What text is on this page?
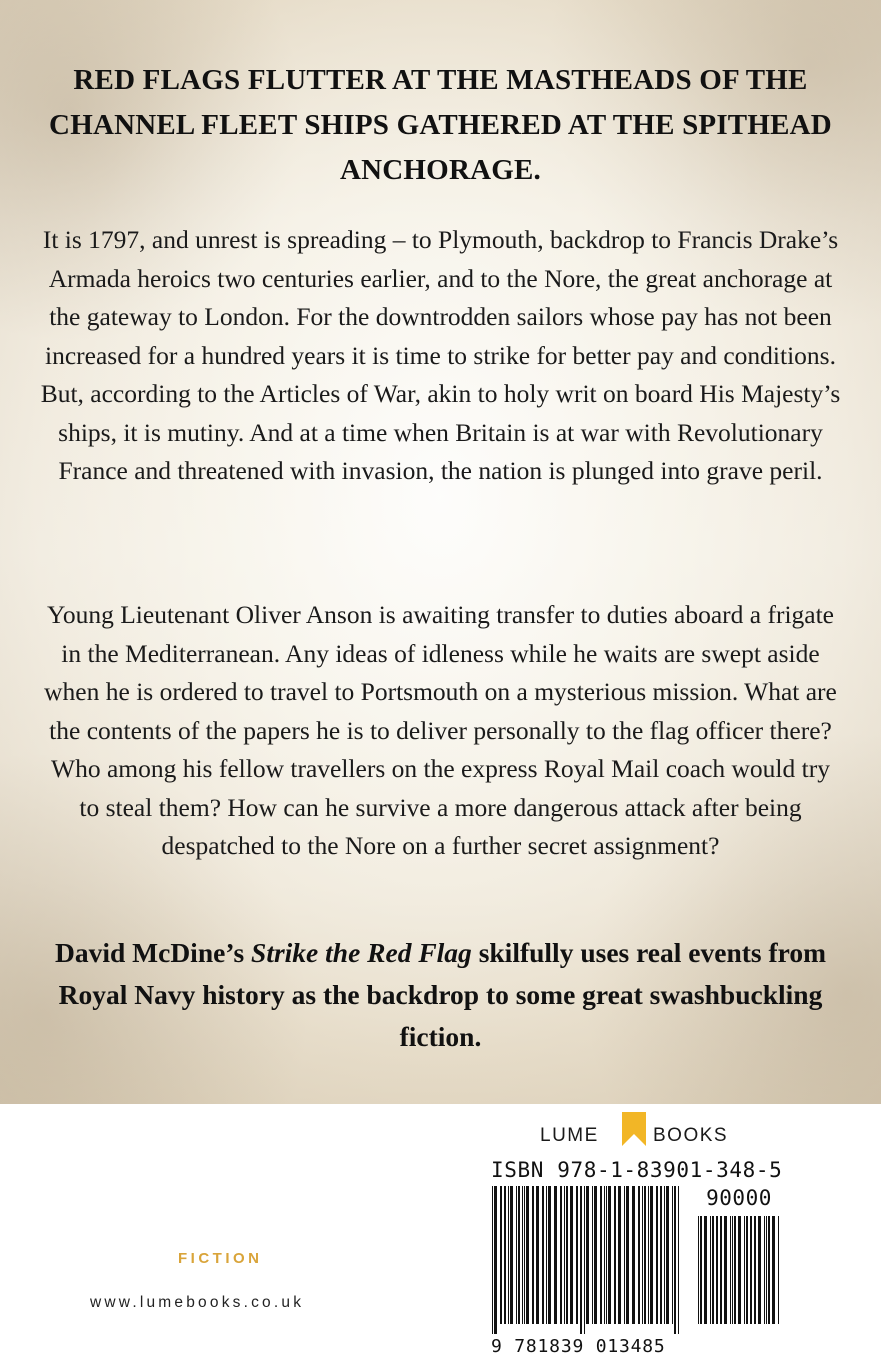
RED FLAGS FLUTTER AT THE MASTHEADS OF THE CHANNEL FLEET SHIPS GATHERED AT THE SPITHEAD ANCHORAGE.

It is 1797, and unrest is spreading – to Plymouth, backdrop to Francis Drake’s Armada heroics two centuries earlier, and to the Nore, the great anchorage at the gateway to London. For the downtrodden sailors whose pay has not been increased for a hundred years it is time to strike for better pay and conditions. But, according to the Articles of War, akin to holy writ on board His Majesty’s ships, it is mutiny. And at a time when Britain is at war with Revolutionary France and threatened with invasion, the nation is plunged into grave peril.

Young Lieutenant Oliver Anson is awaiting transfer to duties aboard a frigate in the Mediterranean. Any ideas of idleness while he waits are swept aside when he is ordered to travel to Portsmouth on a mysterious mission. What are the contents of the papers he is to deliver personally to the flag officer there? Who among his fellow travellers on the express Royal Mail coach would try to steal them? How can he survive a more dangerous attack after being despatched to the Nore on a further secret assignment?

David McDine’s Strike the Red Flag skilfully uses real events from Royal Navy history as the backdrop to some great swashbuckling fiction.

FICTION

www.lumebooks.co.uk

LUME	BOOKS

ISBN 978-1-83901-348-5

90000

9 781839 013485
